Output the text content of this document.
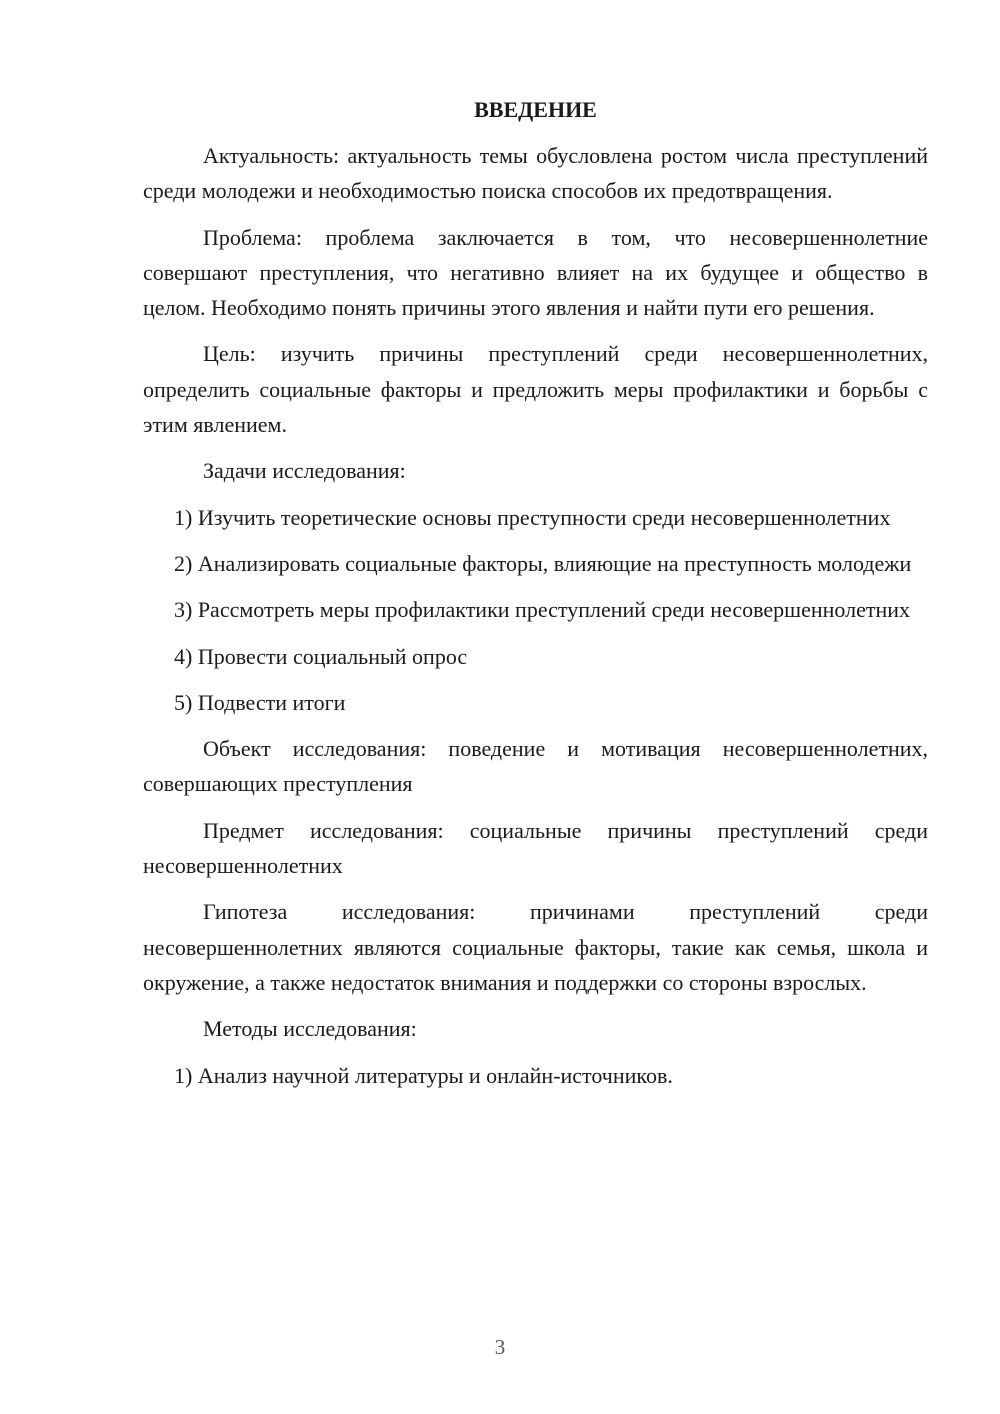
ВВЕДЕНИЕ
Актуальность: актуальность темы обусловлена ростом числа преступлений среди молодежи и необходимостью поиска способов их предотвращения.
Проблема: проблема заключается в том, что несовершеннолетние совершают преступления, что негативно влияет на их будущее и общество в целом. Необходимо понять причины этого явления и найти пути его решения.
Цель: изучить причины преступлений среди несовершеннолетних, определить социальные факторы и предложить меры профилактики и борьбы с этим явлением.
Задачи исследования:
1) Изучить теоретические основы преступности среди несовершеннолетних
2) Анализировать социальные факторы, влияющие на преступность молодежи
3) Рассмотреть меры профилактики преступлений среди несовершеннолетних
4) Провести социальный опрос
5) Подвести итоги
Объект исследования: поведение и мотивация несовершеннолетних, совершающих преступления
Предмет исследования: социальные причины преступлений среди несовершеннолетних
Гипотеза исследования: причинами преступлений среди несовершеннолетних являются социальные факторы, такие как семья, школа и окружение, а также недостаток внимания и поддержки со стороны взрослых.
Методы исследования:
1) Анализ научной литературы и онлайн-источников.
3
